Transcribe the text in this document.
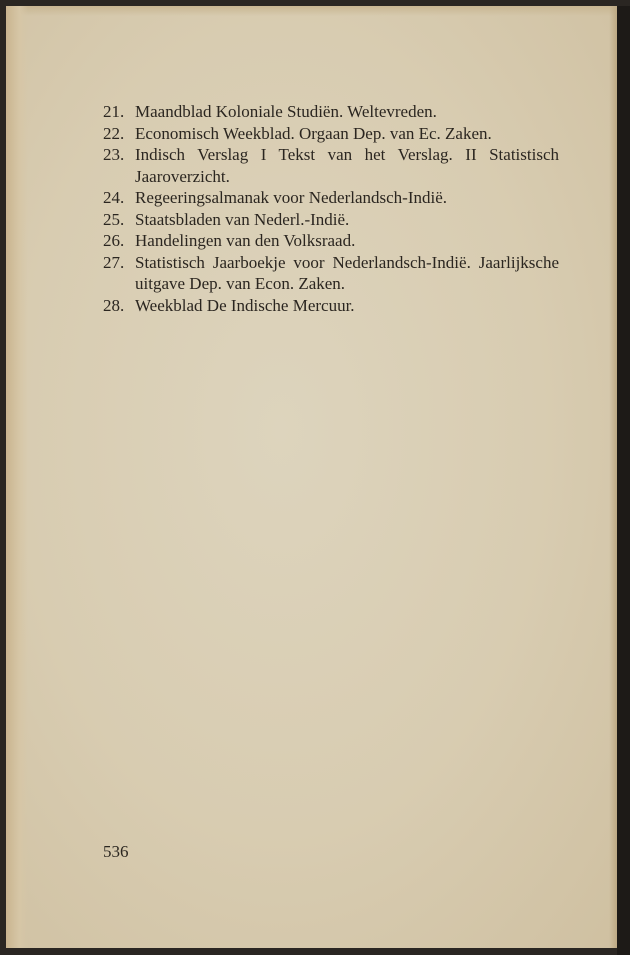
21. Maandblad Koloniale Studiën. Weltevreden.
22. Economisch Weekblad. Orgaan Dep. van Ec. Zaken.
23. Indisch Verslag I Tekst van het Verslag. II Statistisch Jaaroverzicht.
24. Regeeringsalmanak voor Nederlandsch-Indië.
25. Staatsbladen van Nederl.-Indië.
26. Handelingen van den Volksraad.
27. Statistisch Jaarboekje voor Nederlandsch-Indië. Jaarlijksche uitgave Dep. van Econ. Zaken.
28. Weekblad De Indische Mercuur.
536
